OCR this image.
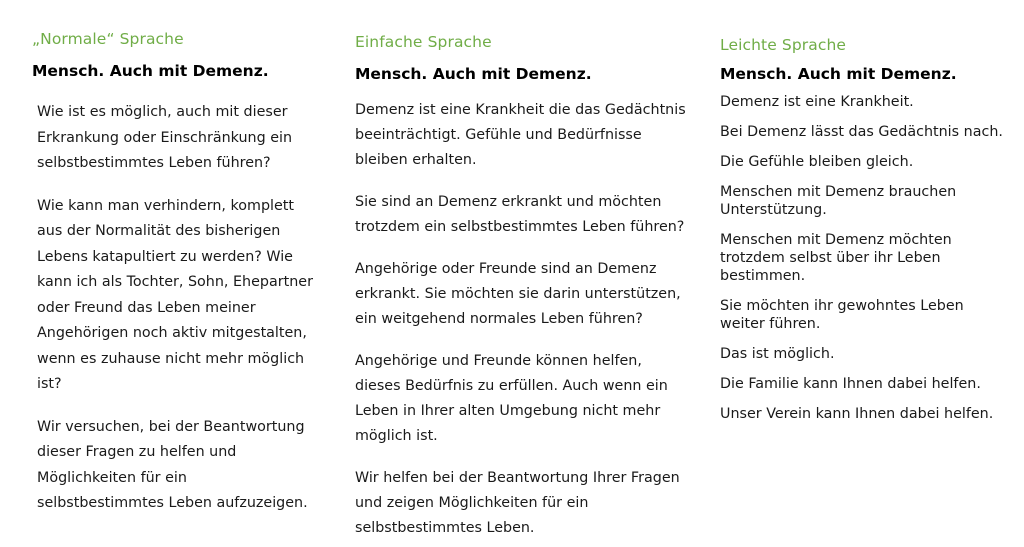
„Normale“ Sprache
Mensch. Auch mit Demenz.

Wie ist es möglich, auch mit dieser
Erkrankung oder Einschränkung ein
selbstbestimmtes Leben führen?

Wie kann man verhindern, komplett
aus der Normalität des bisherigen
Lebens katapultiert zu werden? Wie
kann ich als Tochter, Sohn, Ehepartner
oder Freund das Leben meiner
Angehörigen noch aktiv mitgestalten,
wenn es zuhause nicht mehr möglich
ist?

Wir versuchen, bei der Beantwortung
dieser Fragen zu helfen und
Möglichkeiten für ein
selbstbestimmtes Leben aufzuzeigen.

Einfache Sprache
Mensch. Auch mit Demenz.

Demenz ist eine Krankheit die das Gedächtnis
beeinträchtigt. Gefühle und Bedürfnisse
bleiben erhalten.

Sie sind an Demenz erkrankt und möchten
trotzdem ein selbstbestimmtes Leben führen?

Angehörige oder Freunde sind an Demenz
erkrankt. Sie möchten sie darin unterstützen,
ein weitgehend normales Leben führen?

Angehörige und Freunde können helfen,
dieses Bedürfnis zu erfüllen. Auch wenn ein
Leben in Ihrer alten Umgebung nicht mehr
möglich ist.

Wir helfen bei der Beantwortung Ihrer Fragen
und zeigen Möglichkeiten für ein
selbstbestimmtes Leben.

Leichte Sprache
Mensch. Auch mit Demenz.

Demenz ist eine Krankheit.

Bei Demenz lässt das Gedächtnis nach.

Die Gefühle bleiben gleich.

Menschen mit Demenz brauchen
Unterstützung.

Menschen mit Demenz möchten
trotzdem selbst über ihr Leben
bestimmen.

Sie möchten ihr gewohntes Leben
weiter führen.

Das ist möglich.

Die Familie kann Ihnen dabei helfen.

Unser Verein kann Ihnen dabei helfen.
